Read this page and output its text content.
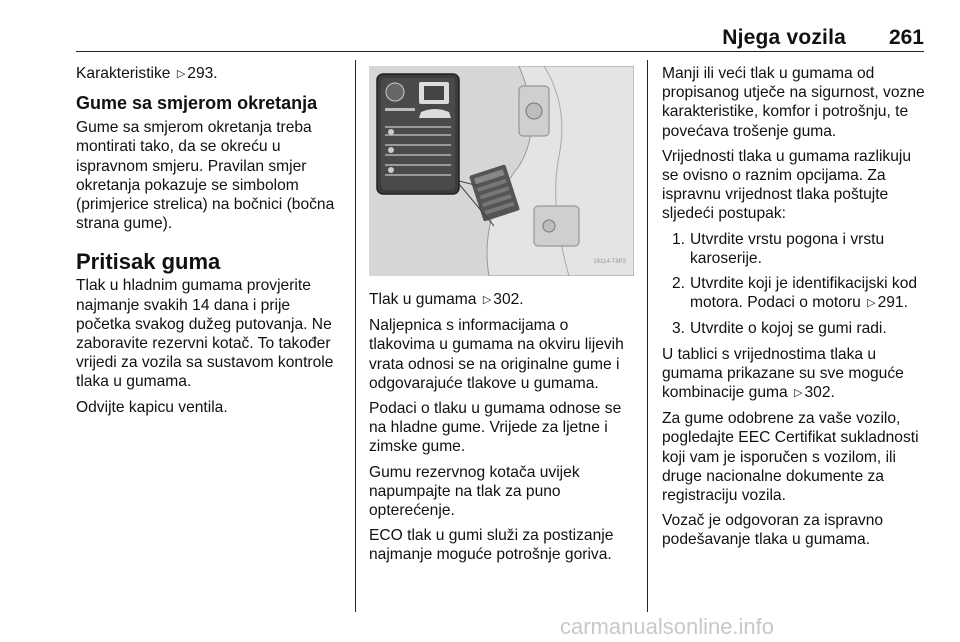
Njega vozila 261

Karakteristike ▷ 293.

Gume sa smjerom okretanja

Gume sa smjerom okretanja treba montirati tako, da se okreću u ispravnom smjeru. Pravilan smjer okretanja pokazuje se simbolom (primjerice strelica) na bočnici (bočna strana gume).

Pritisak guma

Tlak u hladnim gumama provjerite najmanje svakih 14 dana i prije početka svakog dužeg putovanja. Ne zaboravite rezervni kotač. To također vrijedi za vozila sa sustavom kontrole tlaka u gumama.

Odvijte kapicu ventila.

16114-T8P3

Tlak u gumama ▷ 302.

Naljepnica s informacijama o tlakovima u gumama na okviru lijevih vrata odnosi se na originalne gume i odgovarajuće tlakove u gumama.

Podaci o tlaku u gumama odnose se na hladne gume. Vrijede za ljetne i zimske gume.

Gumu rezervnog kotača uvijek napumpajte na tlak za puno opterećenje.

ECO tlak u gumi služi za postizanje najmanje moguće potrošnje goriva.

Manji ili veći tlak u gumama od propisanog utječe na sigurnost, vozne karakteristike, komfor i potrošnju, te povećava trošenje guma.

Vrijednosti tlaka u gumama razlikuju se ovisno o raznim opcijama. Za ispravnu vrijednost tlaka poštujte sljedeći postupak:

1. Utvrdite vrstu pogona i vrstu karoserije.
2. Utvrdite koji je identifikacijski kod motora. Podaci o motoru ▷ 291.
3. Utvrdite o kojoj se gumi radi.

U tablici s vrijednostima tlaka u gumama prikazane su sve moguće kombinacije guma ▷ 302.

Za gume odobrene za vaše vozilo, pogledajte EEC Certifikat sukladnosti koji vam je isporučen s vozilom, ili druge nacionalne dokumente za registraciju vozila.

Vozač je odgovoran za ispravno podešavanje tlaka u gumama.

carmanualsonline.info
